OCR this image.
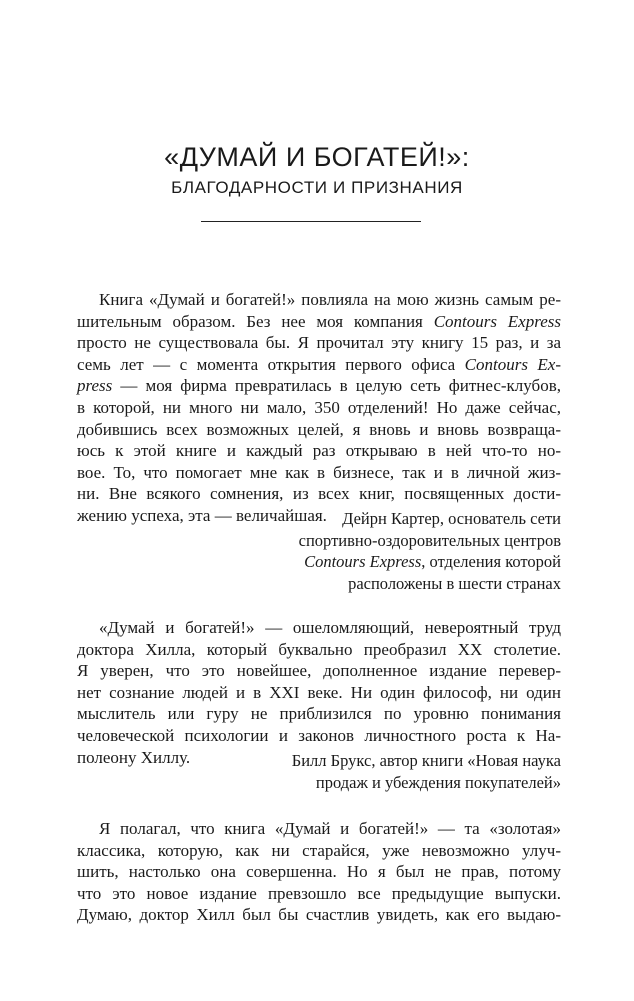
«ДУМАЙ И БОГАТЕЙ!»:
БЛАГОДАРНОСТИ И ПРИЗНАНИЯ
Книга «Думай и богатей!» повлияла на мою жизнь самым ре-
шительным образом. Без нее моя компания Contours Express
просто не существовала бы. Я прочитал эту книгу 15 раз, и за
семь лет — с момента открытия первого офиса Contours Ex-
press — моя фирма превратилась в целую сеть фитнес-клубов,
в которой, ни много ни мало, 350 отделений! Но даже сейчас,
добившись всех возможных целей, я вновь и вновь возвраща-
юсь к этой книге и каждый раз открываю в ней что-то но-
вое. То, что помогает мне как в бизнесе, так и в личной жиз-
ни. Вне всякого сомнения, из всех книг, посвященных дости-
жению успеха, эта — величайшая. Дейрн Картер, основатель сети
спортивно-оздоровительных центров
Contours Express, отделения которой
расположены в шести странах
«Думай и богатей!» — ошеломляющий, невероятный труд
доктора Хилла, который буквально преобразил XX столетие.
Я уверен, что это новейшее, дополненное издание перевер-
нет сознание людей и в XXI веке. Ни один философ, ни один
мыслитель или гуру не приблизился по уровню понимания
человеческой психологии и законов личностного роста к На-
полеону Хиллу.	Билл Брукс, автор книги «Новая наука
продаж и убеждения покупателей»
Я полагал, что книга «Думай и богатей!» — та «золотая»
классика, которую, как ни старайся, уже невозможно улуч-
шить, настолько она совершенна. Но я был не прав, потому
что это новое издание превзошло все предыдущие выпуски.
Думаю, доктор Хилл был бы счастлив увидеть, как его выдаю-
